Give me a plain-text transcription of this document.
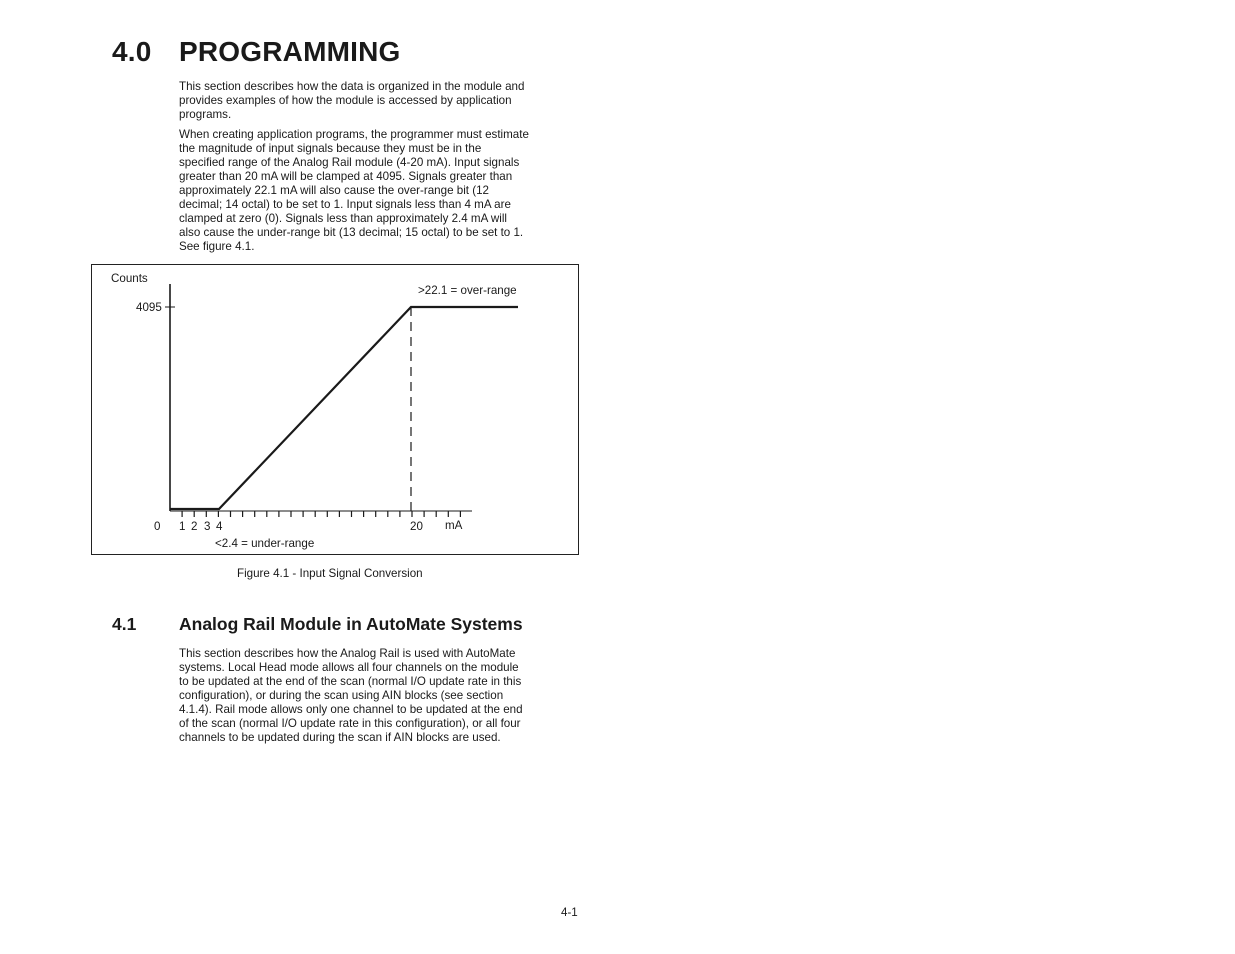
4.0 PROGRAMMING

This section describes how the data is organized in the module and
provides examples of how the module is accessed by application
programs.

When creating application programs, the programmer must estimate
the magnitude of input signals because they must be in the
specified range of the Analog Rail module (4-20 mA). Input signals
greater than 20 mA will be clamped at 4095. Signals greater than
approximately 22.1 mA will also cause the over-range bit (12
decimal; 14 octal) to be set to 1. Input signals less than 4 mA are
clamped at zero (0). Signals less than approximately 2.4 mA will
also cause the under-range bit (13 decimal; 15 octal) to be set to 1.
See figure 4.1.

Counts
4095
>22.1 = over-range
0 1 2 3 4	20 mA
<2.4 = under-range
Figure 4.1 - Input Signal Conversion
4.1 Analog Rail Module in AutoMate Systems

This section describes how the Analog Rail is used with AutoMate
systems. Local Head mode allows all four channels on the module
to be updated at the end of the scan (normal I/O update rate in this
configuration), or during the scan using AIN blocks (see section
4.1.4). Rail mode allows only one channel to be updated at the end
of the scan (normal I/O update rate in this configuration), or all four
channels to be updated during the scan if AIN blocks are used.

4-1
